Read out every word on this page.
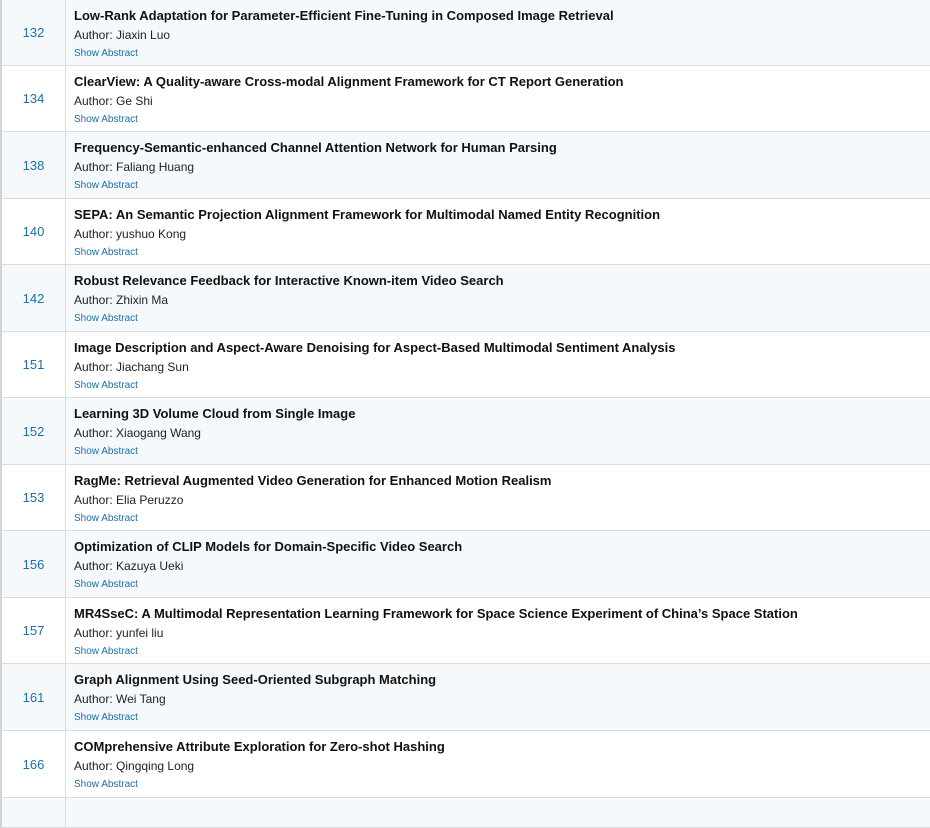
132
Low-Rank Adaptation for Parameter-Efficient Fine-Tuning in Composed Image Retrieval
Author: Jiaxin Luo
Show Abstract
134
ClearView: A Quality-aware Cross-modal Alignment Framework for CT Report Generation
Author: Ge Shi
Show Abstract
138
Frequency-Semantic-enhanced Channel Attention Network for Human Parsing
Author: Faliang Huang
Show Abstract
140
SEPA: An Semantic Projection Alignment Framework for Multimodal Named Entity Recognition
Author: yushuo Kong
Show Abstract
142
Robust Relevance Feedback for Interactive Known-item Video Search
Author: Zhixin Ma
Show Abstract
151
Image Description and Aspect-Aware Denoising for Aspect-Based Multimodal Sentiment Analysis
Author: Jiachang Sun
Show Abstract
152
Learning 3D Volume Cloud from Single Image
Author: Xiaogang Wang
Show Abstract
153
RagMe: Retrieval Augmented Video Generation for Enhanced Motion Realism
Author: Elia Peruzzo
Show Abstract
156
Optimization of CLIP Models for Domain-Specific Video Search
Author: Kazuya Ueki
Show Abstract
157
MR4SseC: A Multimodal Representation Learning Framework for Space Science Experiment of China’s Space Station
Author: yunfei liu
Show Abstract
161
Graph Alignment Using Seed-Oriented Subgraph Matching
Author: Wei Tang
Show Abstract
166
COMprehensive Attribute Exploration for Zero-shot Hashing
Author: Qingqing Long
Show Abstract
